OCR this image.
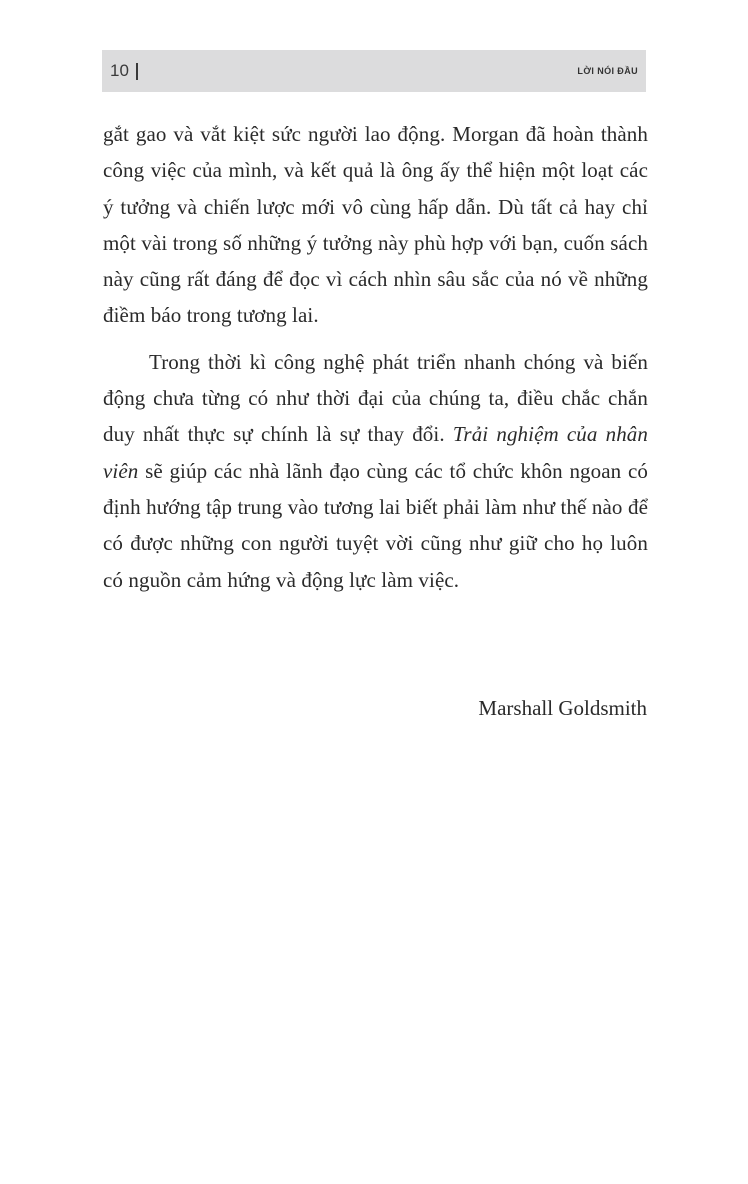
10	LỜI NÓI ĐẦU

gắt gao và vắt kiệt sức người lao động. Morgan đã hoàn thành công việc của mình, và kết quả là ông ấy thể hiện một loạt các ý tưởng và chiến lược mới vô cùng hấp dẫn. Dù tất cả hay chỉ một vài trong số những ý tưởng này phù hợp với bạn, cuốn sách này cũng rất đáng để đọc vì cách nhìn sâu sắc của nó về những điềm báo trong tương lai.

Trong thời kì công nghệ phát triển nhanh chóng và biến động chưa từng có như thời đại của chúng ta, điều chắc chắn duy nhất thực sự chính là sự thay đổi. Trải nghiệm của nhân viên sẽ giúp các nhà lãnh đạo cùng các tổ chức khôn ngoan có định hướng tập trung vào tương lai biết phải làm như thế nào để có được những con người tuyệt vời cũng như giữ cho họ luôn có nguồn cảm hứng và động lực làm việc.

Marshall Goldsmith
